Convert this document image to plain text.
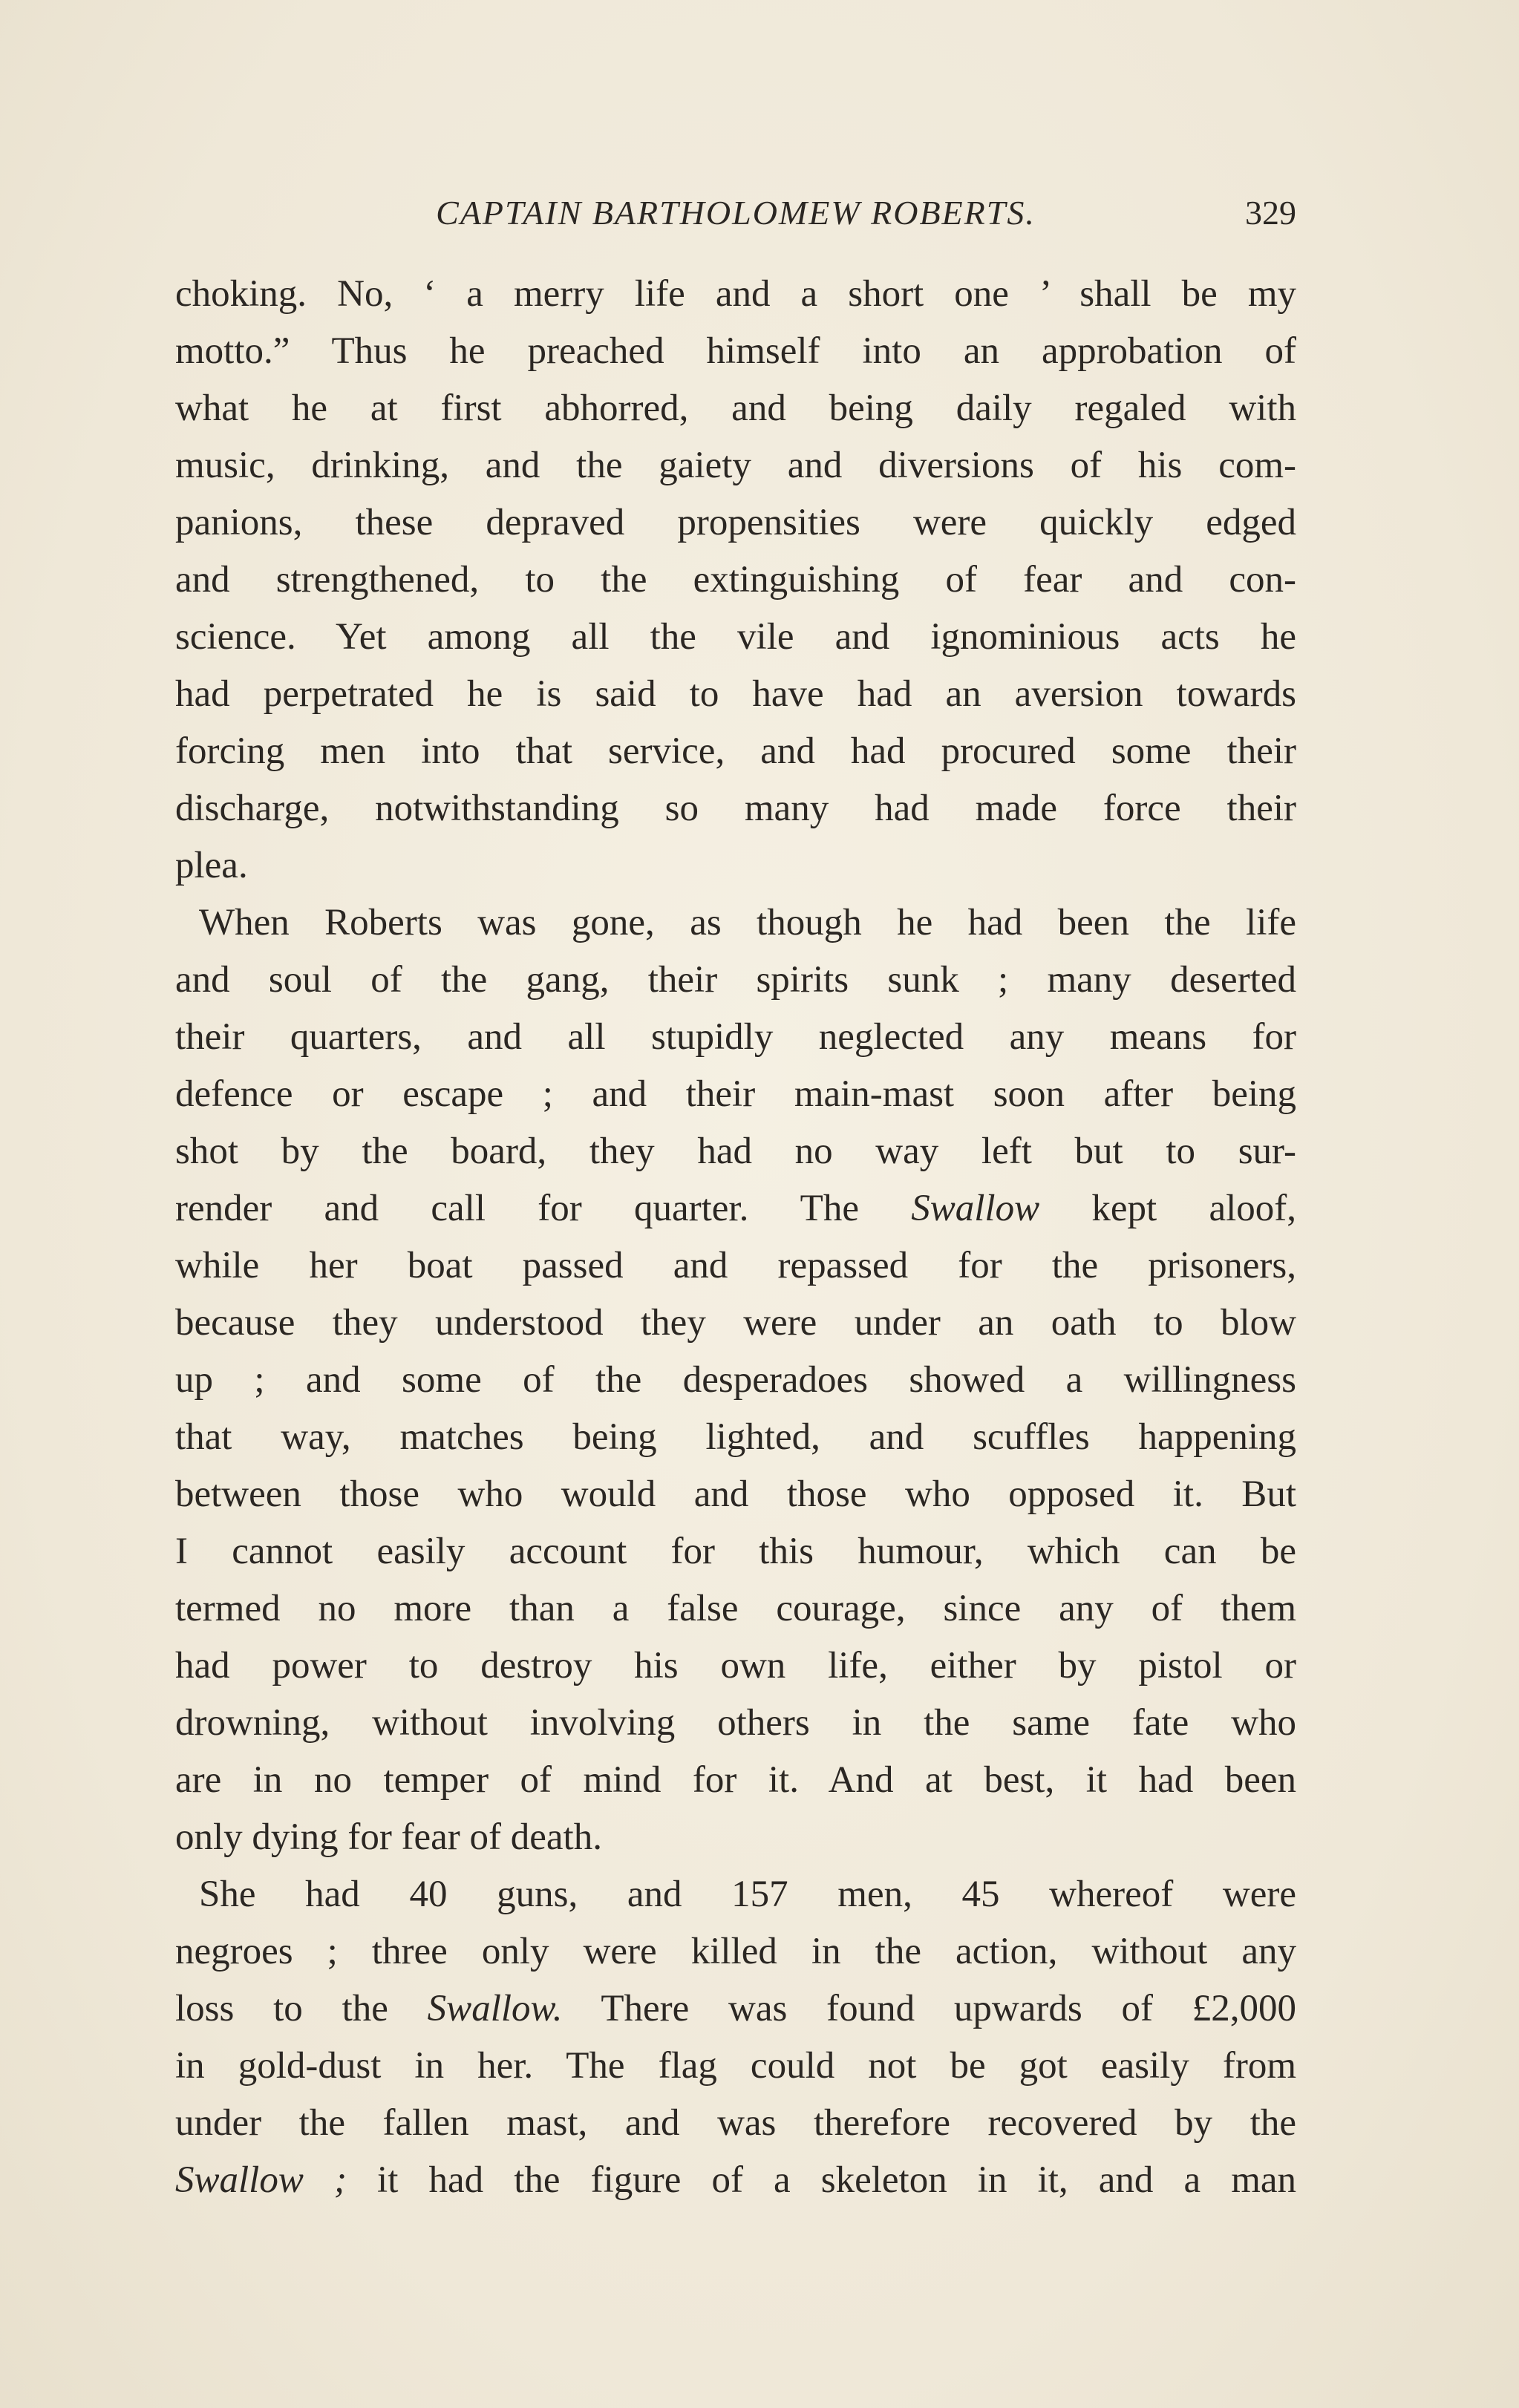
CAPTAIN BARTHOLOMEW ROBERTS.	329
choking. No, ‘ a merry life and a short one ’ shall be my
motto.” Thus he preached himself into an approbation of
what he at first abhorred, and being daily regaled with
music, drinking, and the gaiety and diversions of his com-
panions, these depraved propensities were quickly edged
and strengthened, to the extinguishing of fear and con-
science. Yet among all the vile and ignominious acts he
had perpetrated he is said to have had an aversion towards
forcing men into that service, and had procured some their
discharge, notwithstanding so many had made force their
plea.
When Roberts was gone, as though he had been the life
and soul of the gang, their spirits sunk ; many deserted
their quarters, and all stupidly neglected any means for
defence or escape ; and their main-mast soon after being
shot by the board, they had no way left but to sur-
render and call for quarter. The Swallow kept aloof,
while her boat passed and repassed for the prisoners,
because they understood they were under an oath to blow
up ; and some of the desperadoes showed a willingness
that way, matches being lighted, and scuffles happening
between those who would and those who opposed it. But
I cannot easily account for this humour, which can be
termed no more than a false courage, since any of them
had power to destroy his own life, either by pistol or
drowning, without involving others in the same fate who
are in no temper of mind for it. And at best, it had been
only dying for fear of death.
She had 40 guns, and 157 men, 45 whereof were
negroes ; three only were killed in the action, without any
loss to the Swallow. There was found upwards of £2,000
in gold-dust in her. The flag could not be got easily from
under the fallen mast, and was therefore recovered by the
Swallow ; it had the figure of a skeleton in it, and a man
